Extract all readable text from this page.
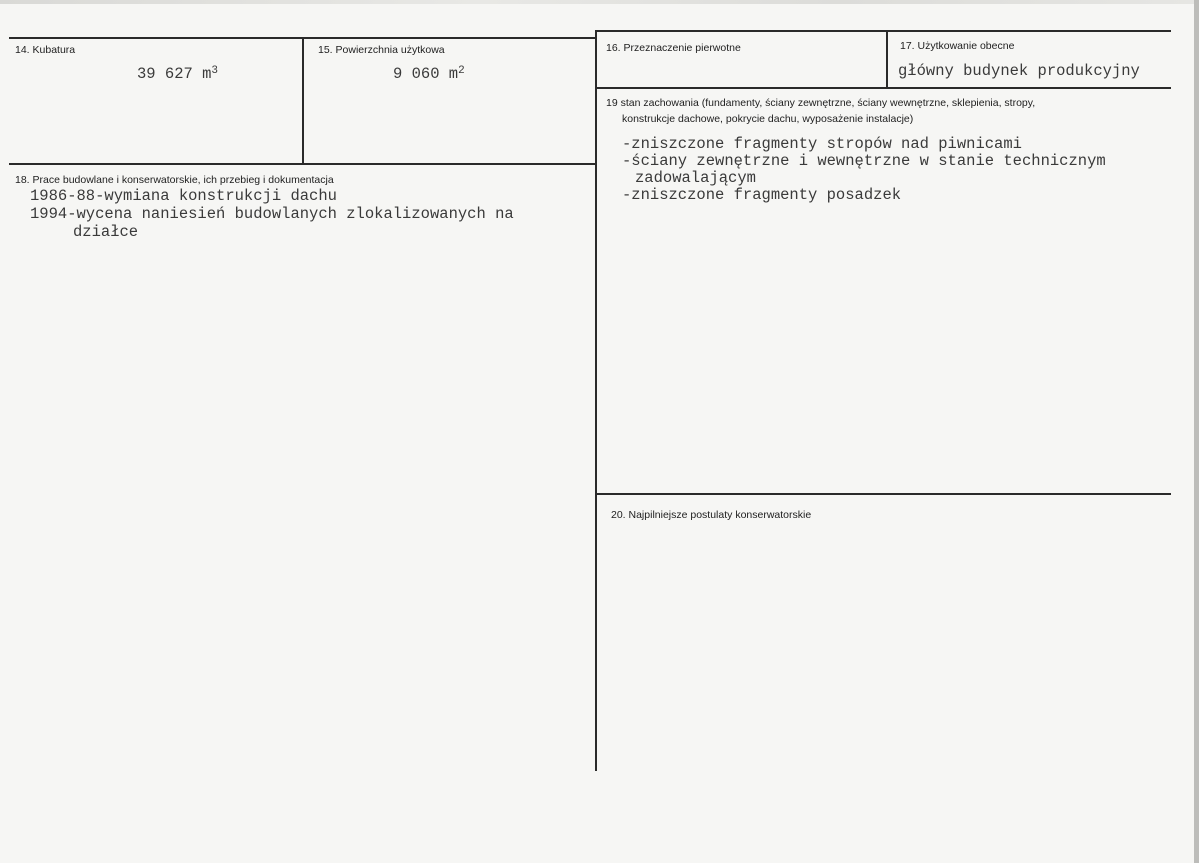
14. Kubatura
39 627 $m^3$
15. Powierzchnia użytkowa
9 060 $m^2$
16. Przeznaczenie pierwotne	17. Użytkowanie obecne
główny budynek produkcyjny
18. Prace budowlane i konserwatorskie, ich przebieg i dokumentacja
1986-88-wymiana konstrukcji dachu
1994-wycena naniesień budowlanych zlokalizowanych na
działce
19 stan zachowania (fundamenty, ściany zewnętrzne, ściany wewnętrzne, sklepienia, stropy,
konstrukcje dachowe, pokrycie dachu, wyposażenie instalacje)
-zniszczone fragmenty stropów nad piwnicami
-ściany zewnętrzne i wewnętrzne w stanie technicznym
zadowalającym
-zniszczone fragmenty posadzek
20. Najpilniejsze postulaty konserwatorskie
